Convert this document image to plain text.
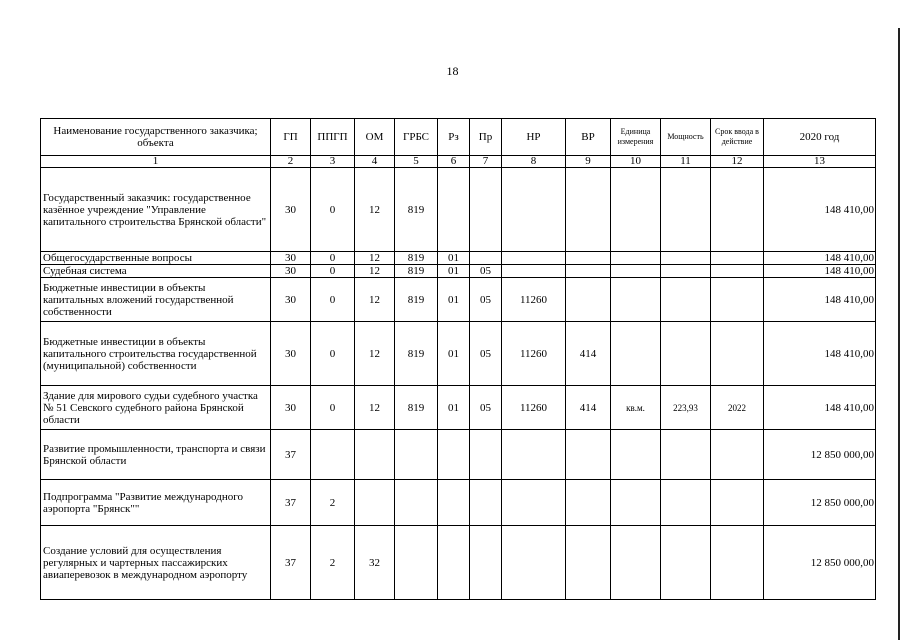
18
Наименование государственного заказчика; объекта	ГП	ППГП	ОМ	ГРБС	Рз	Пр	НР	ВР	Единица измерения	Мощность	Срок ввода в действие	2020 год
1	2	3	4	5	6	7	8	9	10	11	12	13
Государственный заказчик: государственное казённое учреждение "Управление капитального строительства Брянской области"	30	0	12	819								148 410,00
Общегосударственные вопросы	30	0	12	819	01							148 410,00
Судебная система	30	0	12	819	01	05						148 410,00
Бюджетные инвестиции в объекты капитальных вложений государственной собственности	30	0	12	819	01	05	11260					148 410,00
Бюджетные инвестиции в объекты капитального строительства государственной (муниципальной) собственности	30	0	12	819	01	05	11260	414				148 410,00
Здание для мирового судьи судебного участка № 51 Севского судебного района Брянской области	30	0	12	819	01	05	11260	414	кв.м.	223,93	2022	148 410,00
Развитие промышленности, транспорта и связи Брянской области	37											12 850 000,00
Подпрограмма "Развитие международного аэропорта "Брянск""	37	2										12 850 000,00
Создание условий для осуществления регулярных и чартерных пассажирских авиаперевозок в международном аэропорту	37	2	32									12 850 000,00
